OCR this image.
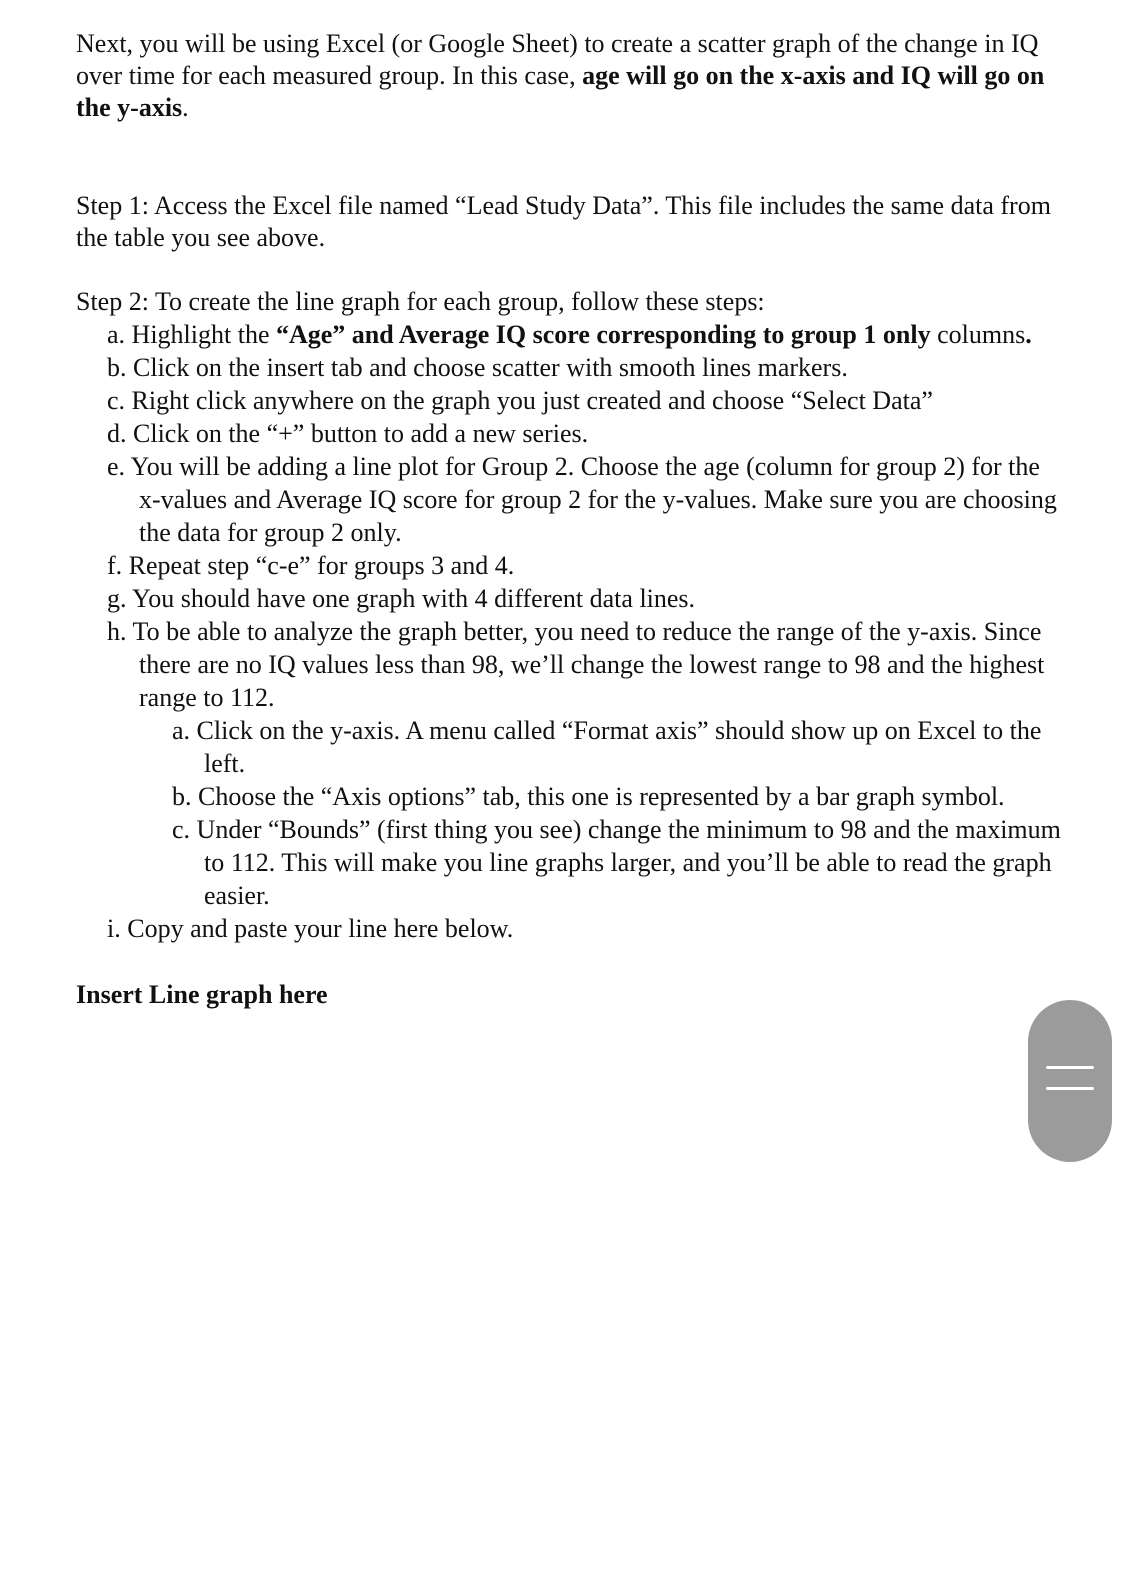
Next, you will be using Excel (or Google Sheet) to create a scatter graph of the change in IQ over time for each measured group. In this case, age will go on the x-axis and IQ will go on the y-axis.

Step 1: Access the Excel file named “Lead Study Data”. This file includes the same data from the table you see above.

Step 2: To create the line graph for each group, follow these steps:

a. Highlight the “Age” and Average IQ score corresponding to group 1 only columns.
b. Click on the insert tab and choose scatter with smooth lines markers.
c. Right click anywhere on the graph you just created and choose “Select Data”
d. Click on the “+” button to add a new series.
e. You will be adding a line plot for Group 2. Choose the age (column for group 2) for the x-values and Average IQ score for group 2 for the y-values. Make sure you are choosing the data for group 2 only.
f. Repeat step “c-e” for groups 3 and 4.
g. You should have one graph with 4 different data lines.
h. To be able to analyze the graph better, you need to reduce the range of the y-axis. Since there are no IQ values less than 98, we’ll change the lowest range to 98 and the highest range to 112.
a. Click on the y-axis. A menu called “Format axis” should show up on Excel to the left.
b. Choose the “Axis options” tab, this one is represented by a bar graph symbol.
c. Under “Bounds” (first thing you see) change the minimum to 98 and the maximum to 112. This will make you line graphs larger, and you’ll be able to read the graph easier.
i. Copy and paste your line here below.

Insert Line graph here
